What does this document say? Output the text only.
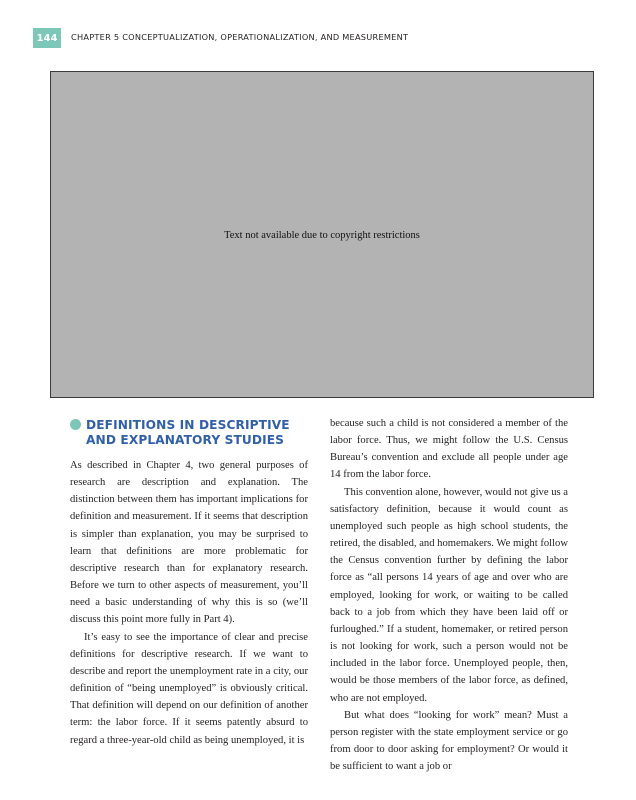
144	CHAPTER 5 CONCEPTUALIZATION, OPERATIONALIZATION, AND MEASUREMENT
Text not available due to copyright restrictions
DEFINITIONS IN DESCRIPTIVE
AND EXPLANATORY STUDIES

As described in Chapter 4, two general purposes of research are description and explanation. The distinction between them has important implications for definition and measurement. If it seems that description is simpler than explanation, you may be surprised to learn that definitions are more problematic for descriptive research than for explanatory research. Before we turn to other aspects of measurement, you’ll need a basic understanding of why this is so (we’ll discuss this point more fully in Part 4).

It’s easy to see the importance of clear and precise definitions for descriptive research. If we want to describe and report the unemployment rate in a city, our definition of “being unemployed” is obviously critical. That definition will depend on our definition of another term: the labor force. If it seems patently absurd to regard a three-year-old child as being unemployed, it is

because such a child is not considered a member of the labor force. Thus, we might follow the U.S. Census Bureau’s convention and exclude all people under age 14 from the labor force.

This convention alone, however, would not give us a satisfactory definition, because it would count as unemployed such people as high school students, the retired, the disabled, and homemakers. We might follow the Census convention further by defining the labor force as “all persons 14 years of age and over who are employed, looking for work, or waiting to be called back to a job from which they have been laid off or furloughed.” If a student, homemaker, or retired person is not looking for work, such a person would not be included in the labor force. Unemployed people, then, would be those members of the labor force, as defined, who are not employed.

But what does “looking for work” mean? Must a person register with the state employment service or go from door to door asking for employment? Or would it be sufficient to want a job or
